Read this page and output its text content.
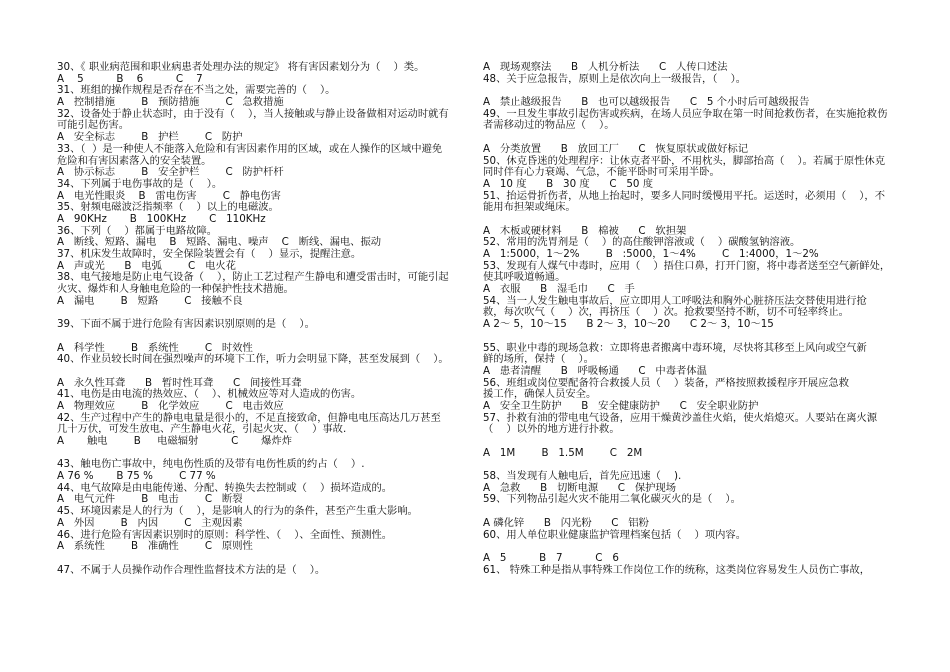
30、《 职业病范围和职业病患者处理办法的规定》 将有害因素划分为（    ）类。
A    5          B    6          C    7
31、班组的操作规程是否存在不当之处，需要完善的（    ）。
A   控制措施        B   预防措施        C   急救措施
32、设备处于静止状态时，由于没有（    ），当人接触或与静止设备做相对运动时就有
可能引起伤害。
A   安全标志        B   护栏        C   防护
33、（  ）是一种使人不能落入危险和有害因素作用的区域，或在人操作的区域中避免
危险和有害因素落入的安全装置。
A   协示标志        B   安全护栏        C   防护杆杆
34、下列属于电伤事故的是（    ）。
A   电光性眼炎    B   雷电伤害        C   静电伤害
35、射频电磁波泛指频率（    ）以上的电磁波。
A   90KHz       B   100KHz       C   110KHz
36、下列（    ）都属于电路故障。
A   断线、短路、漏电    B   短路、漏电、噪声    C   断线、漏电、振动
37、机床发生故障时，安全保险装置会有（    ）显示，提醒注意。
A   声或光      B   电弧        C   电火花
38、电气接地是防止电气设备（    ），防止工艺过程产生静电和遭受雷击时，可能引起
火灾、爆炸和人身触电危险的一种保护性技术措施。
A   漏电        B   短路        C   接触不良
39、下面不属于进行危险有害因素识别原则的是（    ）。
A   科学性        B   系统性        C   时效性
40、作业员较长时间在强烈噪声的环境下工作，听力会明显下降，甚至发展到（    ）。
A   永久性耳聋      B   暂时性耳聋      C   间接性耳聋
41、电伤是由电流的热效应、（    ）、机械效应等对人造成的伤害。
A   物理效应        B   化学效应        C   电击效应
42、生产过程中产生的静电电量是很小的，不足直接致命，但静电电压高达几万甚至
几十万伏，可发生放电、产生静电火花，引起火灾、（    ）事故.
A       触电        B     电磁辐射          C       爆炸炸
43、触电伤亡事故中，纯电伤性质的及带有电伤性质的约占（    ）.
A 76 %       B 75 %        C 77 %
44、电气故障是由电能传递、分配、转换失去控制或（    ）损坏造成的。
A   电气元件        B   电击        C   断裂
45、环境因素是人的行为（    ），是影响人的行为的条件，甚至产生重大影响。
A   外因        B   内因        C   主观因素
46、进行危险有害因素识别时的原则：科学性、（    ）、全面性、预测性。
A   系统性        B   准确性        C   原则性
47、不属于人员操作动作合理性监督技术方法的是（    ）。
A   现场观察法      B   人机分析法      C   人传口述法
48、关于应急报告，原则上是依次向上一级报告，（    ）。
A   禁止越级报告      B   也可以越级报告      C   5 个小时后可越级报告
49、一旦发生事故引起伤害或疾病，在场人员应争取在第一时间抢救伤者，在实施抢救伤
者需移动过的物品应（    ）。
A   分类放置      B   放回工厂      C   恢复原状或做好标记
50、休克昏迷的处理程序：让休克者平卧，不用枕头，脚部抬高（    ）。若属于原性休克
同时伴有心力衰竭、气急，不能平卧时可采用半卧。
A   10 度      B   30 度      C   50 度
51、抬运骨折伤者，从地上抬起时，要多人同时缓慢用平托。运送时，必须用（    ），不
能用布担架或绳床。
A   木板或硬材料      B   棉被      C   软担架
52、常用的洗胃剂是（    ）的高住酸钾溶液或（    ）碳酸氢钠溶液。
A   1:5000，1～2%        B   :5000，1～4%        C   1:4000，1～2%
53、发现有人煤气中毒时，应用（    ）捂住口鼻，打开门窗，将中毒者送至空气新鲜处，
使其呼吸道畅通。
A   衣服      B   湿毛巾      C   手
54、当一人发生触电事故后，应立即用人工呼吸法和胸外心脏挤压法交替使用进行抢
救，每次吹气（    ）次，再挤压（    ）次。抢救要坚持不断，切不可轻率终止。
A 2～ 5，10～15      B 2～ 3，10～20      C 2～ 3，10～15
55、职业中毒的现场急救：立即将患者搬离中毒环境，尽快将其移至上风向或空气新
鲜的场所，保持（    ）。
A   患者清醒      B   呼吸畅通      C   中毒者体温
56、班组或岗位要配备符合救援人员（    ）装备，严格按照救援程序开展应急救
援工作，确保人员安全。
A   安全卫生防护      B   安全健康防护      C   安全职业防护
57、扑救有油的带电电气设备，应用干燥黄沙盖住火焰，使火焰熄灭。人要站在离火源
（    ）以外的地方进行扑救。
A   1M        B   1.5M        C   2M
58、当发现有人触电后，首先应迅速（    ).
A   急救      B   切断电源      C   保护现场
59、下列物品引起火灾不能用二氧化碳灭火的是（    ）。
A 磷化锌      B   闪光粉      C   铝粉
60、用人单位职业健康监护管理档案包括（    ）项内容。
A   5          B   7          C   6
61、 特殊工种是指从事特殊工作岗位工作的统称，这类岗位容易发生人员伤亡事故，
